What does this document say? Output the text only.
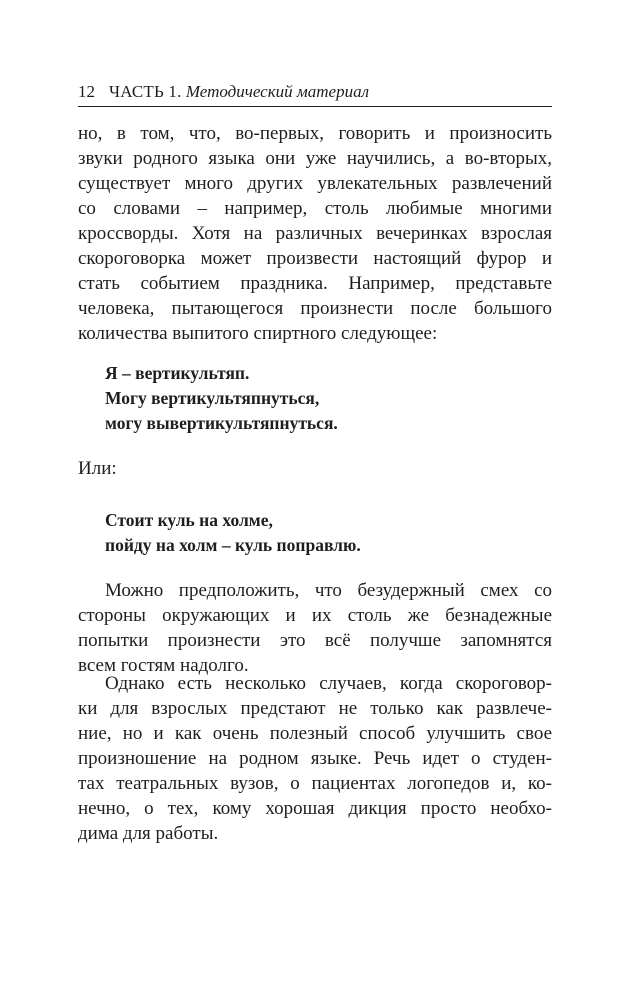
12 ЧАСТЬ 1. Методический материал
но, в том, что, во-первых, говорить и произносить
звуки родного языка они уже научились, а во-вторых,
существует много других увлекательных развлечений
со словами – например, столь любимые многими
кроссворды. Хотя на различных вечеринках взрослая
скороговорка может произвести настоящий фурор и
стать событием праздника. Например, представьте
человека, пытающегося произнести после большого
количества выпитого спиртного следующее:
Я – вертикультяп.
Могу вертикультяпнуться,
могу вывертикультяпнуться.
Или:
Стоит куль на холме,
пойду на холм – куль поправлю.
Можно предположить, что безудержный смех со
стороны окружающих и их столь же безнадежные
попытки произнести это всё получше запомнятся
всем гостям надолго.
Однако есть несколько случаев, когда скороговор-
ки для взрослых предстают не только как развлече-
ние, но и как очень полезный способ улучшить свое
произношение на родном языке. Речь идет о студен-
тах театральных вузов, о пациентах логопедов и, ко-
нечно, о тех, кому хорошая дикция просто необхо-
дима для работы.
